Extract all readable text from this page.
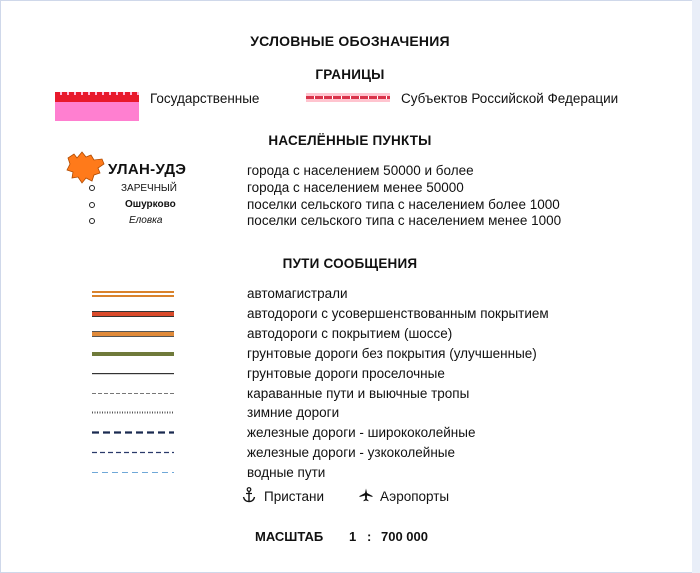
УСЛОВНЫЕ ОБОЗНАЧЕНИЯ
ГРАНИЦЫ
Государственные	Субъектов Российской Федерации
НАСЕЛЁННЫЕ ПУНКТЫ
УЛАН-УДЭ	города с населением 50000 и более
ЗАРЕЧНЫЙ	города с населением менее 50000
Ошурково	поселки сельского типа с населением более 1000
Еловка	поселки сельского типа с населением менее 1000
ПУТИ СООБЩЕНИЯ
автомагистрали
автодороги с усовершенствованным покрытием
автодороги с покрытием (шоссе)
грунтовые дороги без покрытия (улучшенные)
грунтовые дороги проселочные
караванные пути и выючные тропы
зимние дороги
железные дороги - ширококолейные
железные дороги - узкоколейные
водные пути
Пристани	Аэропорты
МАСШТАБ 1 : 700 000
